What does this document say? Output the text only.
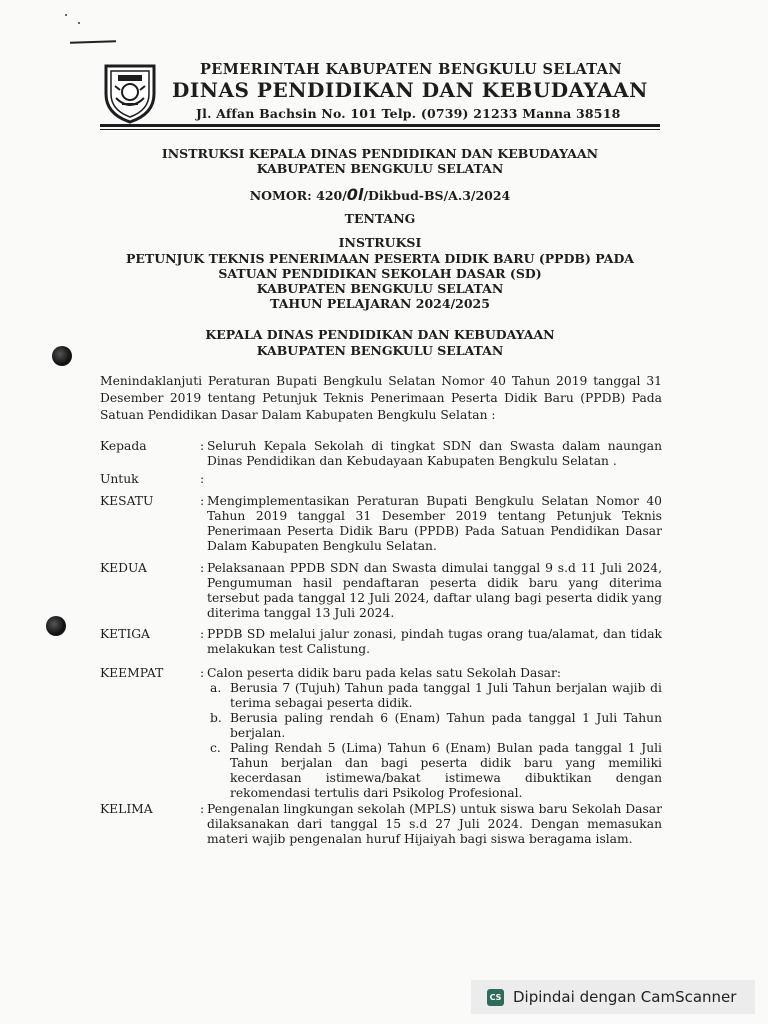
PEMERINTAH KABUPATEN BENGKULU SELATAN
DINAS PENDIDIKAN DAN KEBUDAYAAN
Jl. Affan Bachsin No. 101 Telp. (0739) 21233 Manna 38518
INSTRUKSI KEPALA DINAS PENDIDIKAN DAN KEBUDAYAAN
KABUPATEN BENGKULU SELATAN
NOMOR: 420/0l/Dikbud-BS/A.3/2024
TENTANG
INSTRUKSI
PETUNJUK TEKNIS PENERIMAAN PESERTA DIDIK BARU (PPDB) PADA
SATUAN PENDIDIKAN SEKOLAH DASAR (SD)
KABUPATEN BENGKULU SELATAN
TAHUN PELAJARAN 2024/2025
KEPALA DINAS PENDIDIKAN DAN KEBUDAYAAN
KABUPATEN BENGKULU SELATAN
Menindaklanjuti Peraturan Bupati Bengkulu Selatan Nomor 40 Tahun 2019 tanggal 31 Desember 2019 tentang Petunjuk Teknis Penerimaan Peserta Didik Baru (PPDB) Pada Satuan Pendidikan Dasar Dalam Kabupaten Bengkulu Selatan :
Kepada	: Seluruh Kepala Sekolah di tingkat SDN dan Swasta dalam naungan Dinas Pendidikan dan Kebudayaan Kabupaten Bengkulu Selatan .
Untuk	:
KESATU	: Mengimplementasikan Peraturan Bupati Bengkulu Selatan Nomor 40 Tahun 2019 tanggal 31 Desember 2019 tentang Petunjuk Teknis Penerimaan Peserta Didik Baru (PPDB) Pada Satuan Pendidikan Dasar Dalam Kabupaten Bengkulu Selatan.
KEDUA	: Pelaksanaan PPDB SDN dan Swasta dimulai tanggal 9 s.d 11 Juli 2024, Pengumuman hasil pendaftaran peserta didik baru yang diterima tersebut pada tanggal 12 Juli 2024, daftar ulang bagi peserta didik yang diterima tanggal 13 Juli 2024.
KETIGA	: PPDB SD melalui jalur zonasi, pindah tugas orang tua/alamat, dan tidak melakukan test Calistung.
KEEMPAT	: Calon peserta didik baru pada kelas satu Sekolah Dasar:
a. Berusia 7 (Tujuh) Tahun pada tanggal 1 Juli Tahun berjalan wajib di terima sebagai peserta didik.
b. Berusia paling rendah 6 (Enam) Tahun pada tanggal 1 Juli Tahun berjalan.
c. Paling Rendah 5 (Lima) Tahun 6 (Enam) Bulan pada tanggal 1 Juli Tahun berjalan dan bagi peserta didik baru yang memiliki kecerdasan istimewa/bakat istimewa dibuktikan dengan rekomendasi tertulis dari Psikolog Profesional.
KELIMA	: Pengenalan lingkungan sekolah (MPLS) untuk siswa baru Sekolah Dasar dilaksanakan dari tanggal 15 s.d 27 Juli 2024. Dengan memasukan materi wajib pengenalan huruf Hijaiyah bagi siswa beragama islam.
CS Dipindai dengan CamScanner
